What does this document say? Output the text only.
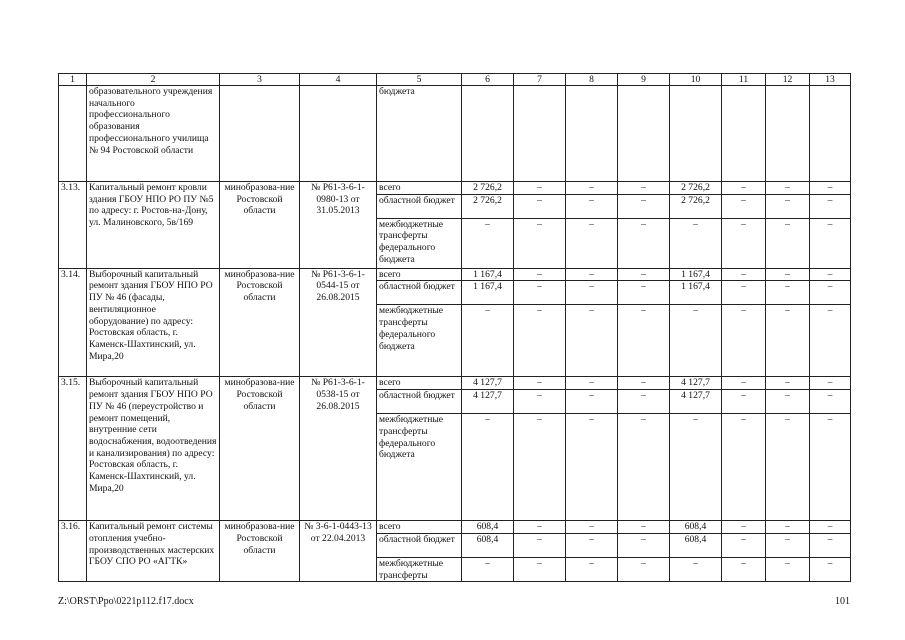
1	2	3	4	5	6	7	8	9	10	11	12	13
	образовательного учреждения начального профессионального образования профессионального училища № 94 Ростовской области			бюджета								
3.13.	Капитальный ремонт кровли здания ГБОУ НПО РО ПУ №5 по адресу: г. Ростов-на-Дону, ул. Малиновского, 5в/169	минобразова-ние Ростовской области	№ Р61-3-6-1-0980-13 от 31.05.2013	всего	2 726,2	–	–	–	2 726,2	–	–	–
				областной бюджет	2 726,2	–	–	–	2 726,2	–	–	–
				межбюджетные трансферты федерального бюджета	–	–	–	–	–	–	–	–
3.14.	Выборочный капитальный ремонт здания ГБОУ НПО РО ПУ № 46 (фасады, вентиляционное оборудование) по адресу: Ростовская область, г. Каменск-Шахтинский, ул. Мира,20	минобразова-ние Ростовской области	№ Р61-3-6-1-0544-15 от 26.08.2015	всего	1 167,4	–	–	–	1 167,4	–	–	–
				областной бюджет	1 167,4	–	–	–	1 167,4	–	–	–
				межбюджетные трансферты федерального бюджета	–	–	–	–	–	–	–	–
3.15.	Выборочный капитальный ремонт здания ГБОУ НПО РО ПУ № 46 (переустройство и ремонт помещений, внутренние сети водоснабжения, водоотведения и канализирования) по адресу: Ростовская область, г. Каменск-Шахтинский, ул. Мира,20	минобразова-ние Ростовской области	№ Р61-3-6-1-0538-15 от 26.08.2015	всего	4 127,7	–	–	–	4 127,7	–	–	–
				областной бюджет	4 127,7	–	–	–	4 127,7	–	–	–
				межбюджетные трансферты федерального бюджета	–	–	–	–	–	–	–	–
3.16.	Капитальный ремонт системы отопления учебно-производственных мастерских ГБОУ СПО РО «АГТК»	минобразова-ние Ростовской области	№ 3-6-1-0443-13 от 22.04.2013	всего	608,4	–	–	–	608,4	–	–	–
				областной бюджет	608,4	–	–	–	608,4	–	–	–
				межбюджетные трансферты	–	–	–	–	–	–	–	–
Z:\ORST\Ppo\0221p112.f17.docx	101
